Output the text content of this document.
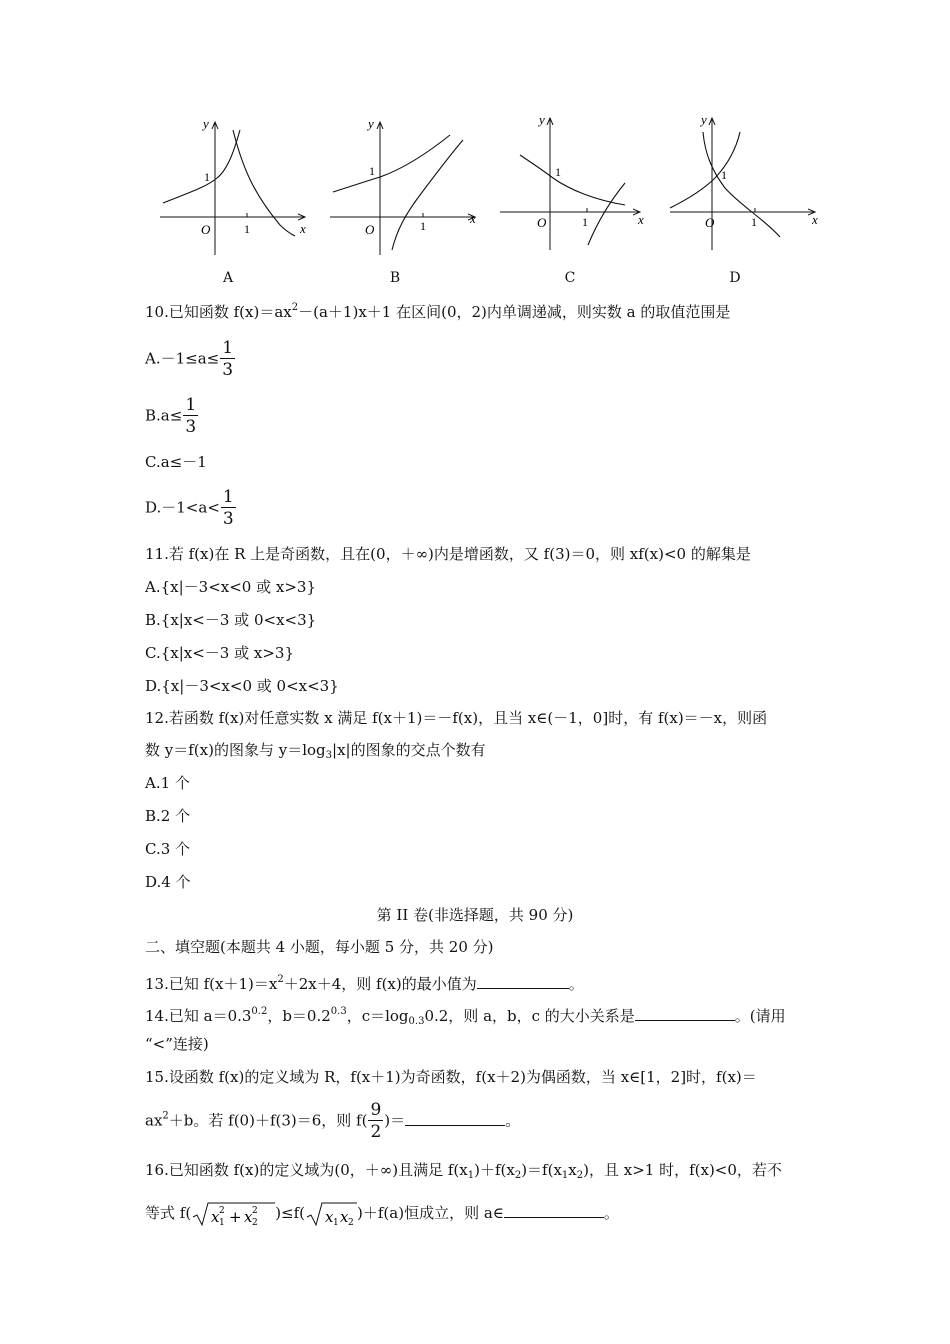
y
x
O	1
1
A
y
x
O	1
1
B
y
x
O	1
1
C
y
x
O	1
1
D
10.已知函数 $f(x)=ax^2-(a+1)x+1$ 在区间(0，2)内单调递减，则实数 a 的取值范围是
$A.-1\le a\le \frac{1}{3}$
$B.a\le \frac{1}{3}$
C.a≤－1
$D.-1<a< \frac{1}{3}$
11.若 f(x)在 R 上是奇函数，且在(0，＋∞)内是增函数，又 f(3)＝0，则 xf(x)<0 的解集是
A.{x|－3<x<0 或 x>3}
B.{x|x<－3 或 0<x<3}
C.{x|x<－3 或 x>3}
D.{x|－3<x<0 或 0<x<3}
12.若函数 f(x)对任意实数 x 满足 f(x＋1)＝－f(x)，且当 x∈(－1，0]时，有 f(x)＝－x，则函
数 y＝f(x)的图象与 $y=\log_3|x|$的图象的交点个数有
A.1 个
B.2 个
C.3 个
D.4 个
第 II 卷(非选择题，共 90 分)
二、填空题(本题共 4 小题，每小题 5 分，共 20 分)
13.已知 $f(x+1)=x^2+2x+4$，则 f(x)的最小值为	。
14.已知 $a=0.3^{0.2}$，$b=0.2^{0.3}$，$c=\log_{0.3}0.2$，则 a，b，c 的大小关系是	。(请用
“<”连接)
15.设函数 f(x)的定义域为 R，f(x＋1)为奇函数，f(x＋2)为偶函数，当 x∈[1，2]时，f(x)＝
$ax^2+b$。若 f(0)＋f(3)＝6，则 $f( \frac{9}{2}$ )＝	。
16.已知函数 f(x)的定义域为(0，＋∞)且满足 $f(x_1)+f(x_2)=f(x_1x_2)$，且 x>1 时，f(x)<0，若不
等式 f( x 1
2 + x 2
2 )≤f( x 1 x 2
)＋f(a)恒成立，则 a∈	。
